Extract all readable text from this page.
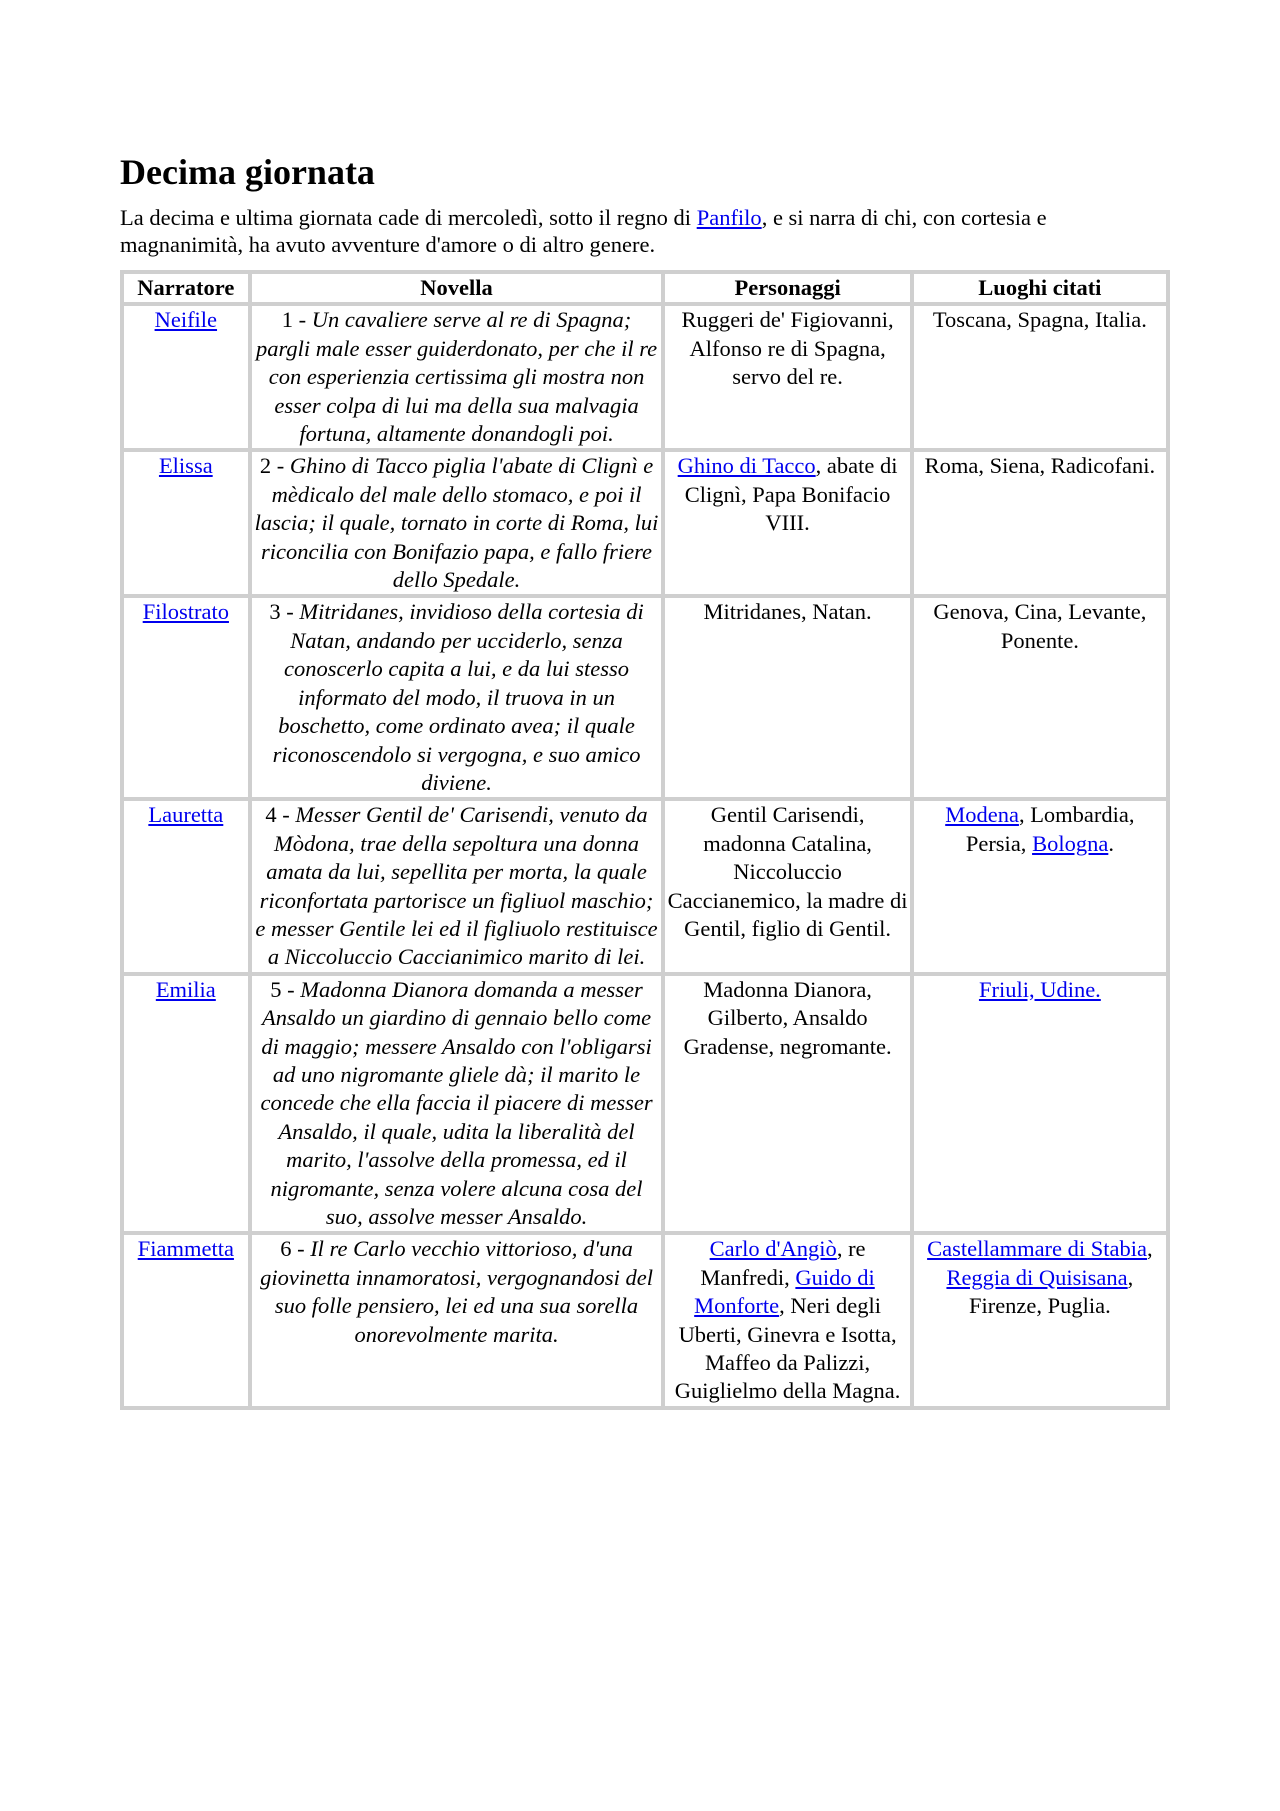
Decima giornata

La decima e ultima giornata cade di mercoledì, sotto il regno di Panfilo, e si narra di chi, con cortesia e magnanimità, ha avuto avventure d'amore o di altro genere.

Narratore	Novella	Personaggi	Luoghi citati
Neifile	1 - Un cavaliere serve al re di Spagna; pargli male esser guiderdonato, per che il re con esperienzia certissima gli mostra non esser colpa di lui ma della sua malvagia fortuna, altamente donandogli poi.	Ruggeri de' Figiovanni, Alfonso re di Spagna, servo del re.	Toscana, Spagna, Italia.
Elissa	2 - Ghino di Tacco piglia l'abate di Clignì e mèdicalo del male dello stomaco, e poi il lascia; il quale, tornato in corte di Roma, lui riconcilia con Bonifazio papa, e fallo friere dello Spedale.	Ghino di Tacco, abate di Clignì, Papa Bonifacio VIII.	Roma, Siena, Radicofani.
Filostrato	3 - Mitridanes, invidioso della cortesia di Natan, andando per ucciderlo, senza conoscerlo capita a lui, e da lui stesso informato del modo, il truova in un boschetto, come ordinato avea; il quale riconoscendolo si vergogna, e suo amico diviene.	Mitridanes, Natan.	Genova, Cina, Levante, Ponente.
Lauretta	4 - Messer Gentil de' Carisendi, venuto da Mòdona, trae della sepoltura una donna amata da lui, sepellita per morta, la quale riconfortata partorisce un figliuol maschio; e messer Gentile lei ed il figliuolo restituisce a Niccoluccio Caccianimico marito di lei.	Gentil Carisendi, madonna Catalina, Niccoluccio Caccianemico, la madre di Gentil, figlio di Gentil.	Modena, Lombardia, Persia, Bologna.
Emilia	5 - Madonna Dianora domanda a messer Ansaldo un giardino di gennaio bello come di maggio; messere Ansaldo con l'obligarsi ad uno nigromante gliele dà; il marito le concede che ella faccia il piacere di messer Ansaldo, il quale, udita la liberalità del marito, l'assolve della promessa, ed il nigromante, senza volere alcuna cosa del suo, assolve messer Ansaldo.	Madonna Dianora, Gilberto, Ansaldo Gradense, negromante.	Friuli, Udine.
Fiammetta	6 - Il re Carlo vecchio vittorioso, d'una giovinetta innamoratosi, vergognandosi del suo folle pensiero, lei ed una sua sorella onorevolmente marita.	Carlo d'Angiò, re Manfredi, Guido di Monforte, Neri degli Uberti, Ginevra e Isotta, Maffeo da Palizzi, Guiglielmo della Magna.	Castellammare di Stabia, Reggia di Quisisana, Firenze, Puglia.
